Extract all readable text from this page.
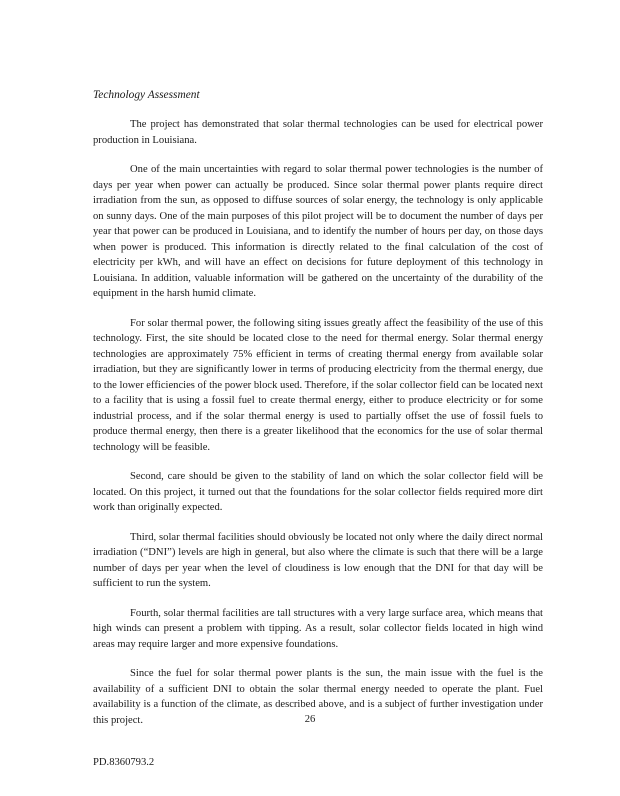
Technology Assessment

The project has demonstrated that solar thermal technologies can be used for electrical power production in Louisiana.

One of the main uncertainties with regard to solar thermal power technologies is the number of days per year when power can actually be produced. Since solar thermal power plants require direct irradiation from the sun, as opposed to diffuse sources of solar energy, the technology is only applicable on sunny days. One of the main purposes of this pilot project will be to document the number of days per year that power can be produced in Louisiana, and to identify the number of hours per day, on those days when power is produced. This information is directly related to the final calculation of the cost of electricity per kWh, and will have an effect on decisions for future deployment of this technology in Louisiana. In addition, valuable information will be gathered on the uncertainty of the durability of the equipment in the harsh humid climate.

For solar thermal power, the following siting issues greatly affect the feasibility of the use of this technology. First, the site should be located close to the need for thermal energy. Solar thermal energy technologies are approximately 75% efficient in terms of creating thermal energy from available solar irradiation, but they are significantly lower in terms of producing electricity from the thermal energy, due to the lower efficiencies of the power block used. Therefore, if the solar collector field can be located next to a facility that is using a fossil fuel to create thermal energy, either to produce electricity or for some industrial process, and if the solar thermal energy is used to partially offset the use of fossil fuels to produce thermal energy, then there is a greater likelihood that the economics for the use of solar thermal technology will be feasible.

Second, care should be given to the stability of land on which the solar collector field will be located. On this project, it turned out that the foundations for the solar collector fields required more dirt work than originally expected.

Third, solar thermal facilities should obviously be located not only where the daily direct normal irradiation (“DNI”) levels are high in general, but also where the climate is such that there will be a large number of days per year when the level of cloudiness is low enough that the DNI for that day will be sufficient to run the system.

Fourth, solar thermal facilities are tall structures with a very large surface area, which means that high winds can present a problem with tipping. As a result, solar collector fields located in high wind areas may require larger and more expensive foundations.

Since the fuel for solar thermal power plants is the sun, the main issue with the fuel is the availability of a sufficient DNI to obtain the solar thermal energy needed to operate the plant. Fuel availability is a function of the climate, as described above, and is a subject of further investigation under this project.	26
PD.8360793.2
